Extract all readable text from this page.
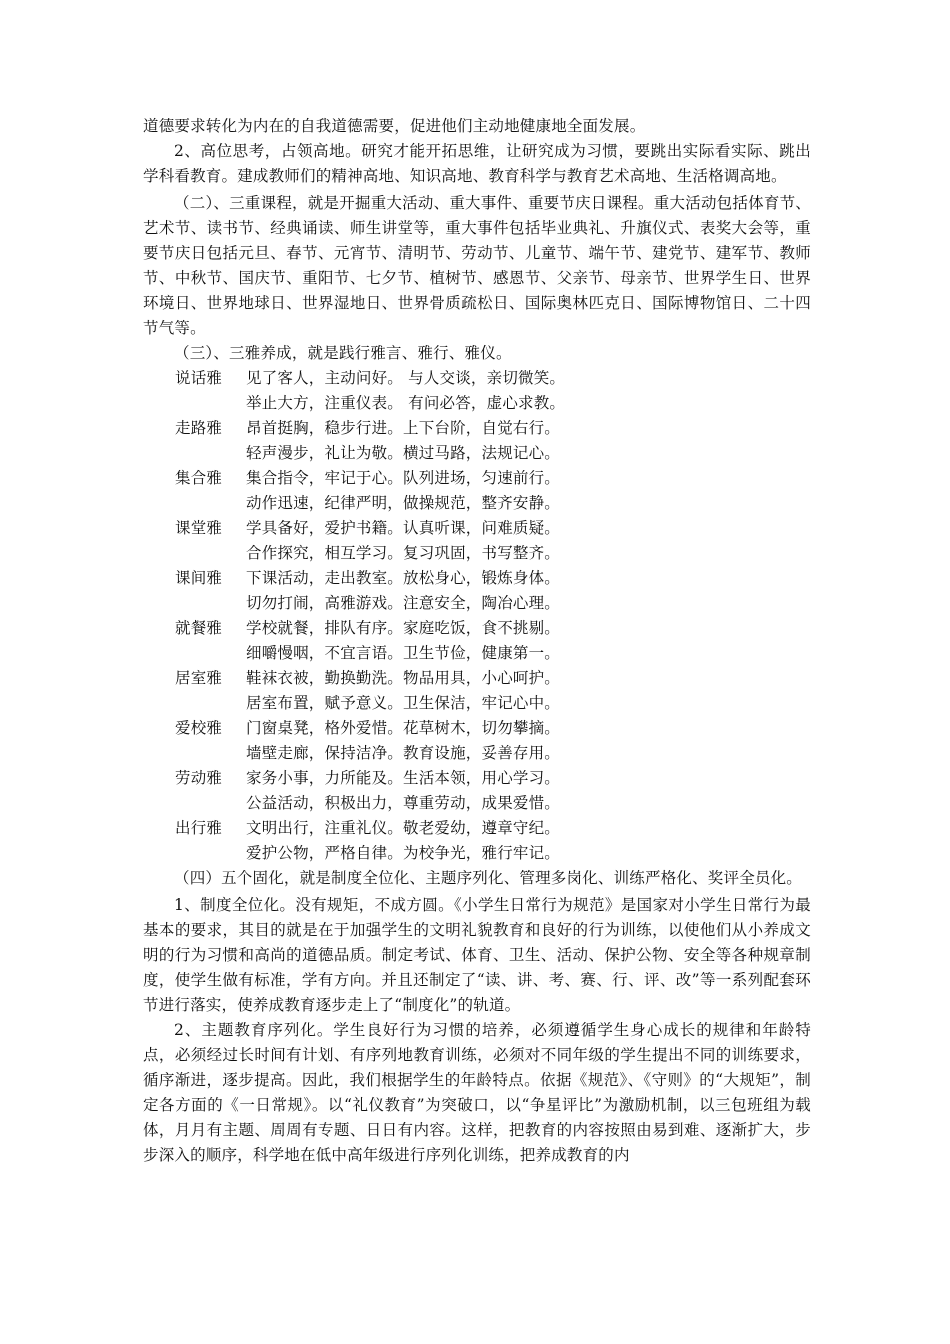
道德要求转化为内在的自我道德需要，促进他们主动地健康地全面发展。

2、高位思考，占领高地。研究才能开拓思维，让研究成为习惯，要跳出实际看实际、跳出学科看教育。建成教师们的精神高地、知识高地、教育科学与教育艺术高地、生活格调高地。

（二）、三重课程，就是开掘重大活动、重大事件、重要节庆日课程。重大活动包括体育节、艺术节、读书节、经典诵读、师生讲堂等，重大事件包括毕业典礼、升旗仪式、表奖大会等，重要节庆日包括元旦、春节、元宵节、清明节、劳动节、儿童节、端午节、建党节、建军节、教师节、中秋节、国庆节、重阳节、七夕节、植树节、感恩节、父亲节、母亲节、世界学生日、世界环境日、世界地球日、世界湿地日、世界骨质疏松日、国际奥林匹克日、国际博物馆日、二十四节气等。

（三）、三雅养成，就是践行雅言、雅行、雅仪。

说话雅	见了客人，主动问好。 与人交谈，亲切微笑。
举止大方，注重仪表。 有问必答，虚心求教。
走路雅	昂首挺胸，稳步行进。上下台阶，自觉右行。
轻声漫步，礼让为敬。横过马路，法规记心。
集合雅	集合指令，牢记于心。队列进场，匀速前行。
动作迅速，纪律严明，做操规范，整齐安静。
课堂雅	学具备好，爱护书籍。认真听课，问难质疑。
合作探究，相互学习。复习巩固，书写整齐。
课间雅	下课活动，走出教室。放松身心，锻炼身体。
切勿打闹，高雅游戏。注意安全，陶冶心理。
就餐雅	学校就餐，排队有序。家庭吃饭，食不挑剔。
细嚼慢咽，不宜言语。卫生节俭，健康第一。
居室雅	鞋袜衣被，勤换勤洗。物品用具，小心呵护。
居室布置，赋予意义。卫生保洁，牢记心中。
爱校雅	门窗桌凳，格外爱惜。花草树木，切勿攀摘。
墙壁走廊，保持洁净。教育设施，妥善存用。
劳动雅	家务小事，力所能及。生活本领，用心学习。
公益活动，积极出力，尊重劳动，成果爱惜。
出行雅	文明出行，注重礼仪。敬老爱幼，遵章守纪。
爱护公物，严格自律。为校争光，雅行牢记。

（四）五个固化，就是制度全位化、主题序列化、管理多岗化、训练严格化、奖评全员化。

1、制度全位化。没有规矩，不成方圆。《小学生日常行为规范》是国家对小学生日常行为最基本的要求，其目的就是在于加强学生的文明礼貌教育和良好的行为训练，以使他们从小养成文明的行为习惯和高尚的道德品质。制定考试、体育、卫生、活动、保护公物、安全等各种规章制度，使学生做有标准，学有方向。并且还制定了“读、讲、考、赛、行、评、改”等一系列配套环节进行落实，使养成教育逐步走上了“制度化”的轨道。

2、主题教育序列化。学生良好行为习惯的培养，必须遵循学生身心成长的规律和年龄特点，必须经过长时间有计划、有序列地教育训练，必须对不同年级的学生提出不同的训练要求，循序渐进，逐步提高。因此，我们根据学生的年龄特点。依据《规范》、《守则》的“大规矩”，制定各方面的《一日常规》。以“礼仪教育”为突破口，以“争星评比”为激励机制，以三包班组为载体，月月有主题、周周有专题、日日有内容。这样，把教育的内容按照由易到难、逐渐扩大，步步深入的顺序，科学地在低中高年级进行序列化训练，把养成教育的内
